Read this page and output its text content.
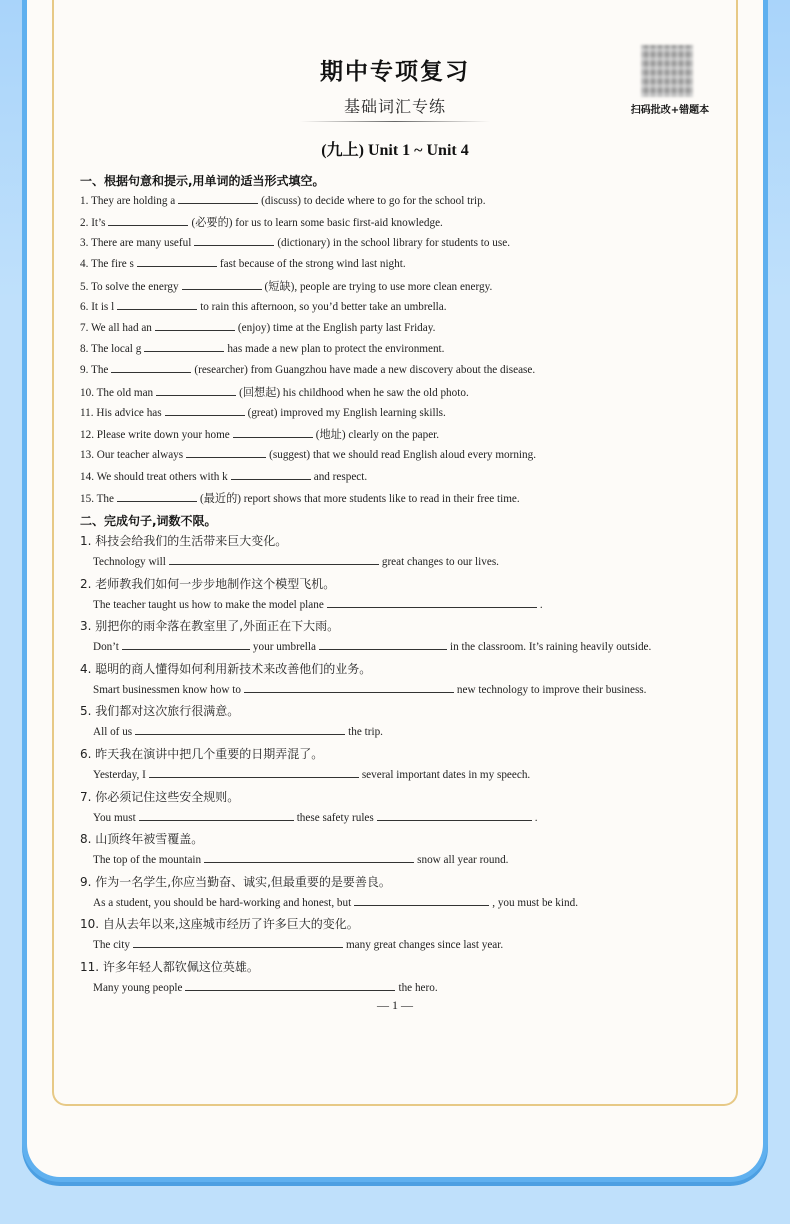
期中专项复习
基础词汇专练	扫码批改+错题本
(九上) Unit 1 ~ Unit 4
一、根据句意和提示,用单词的适当形式填空。
1. They are holding a	(discuss) to decide where to go for the school trip.
2. It’s	(必要的) for us to learn some basic first-aid knowledge.
3. There are many useful	(dictionary) in the school library for students to use.
4. The fire s	fast because of the strong wind last night.
5. To solve the energy	(短缺), people are trying to use more clean energy.
6. It is l	to rain this afternoon, so you’d better take an umbrella.
7. We all had an	(enjoy) time at the English party last Friday.
8. The local g	has made a new plan to protect the environment.
9. The	(researcher) from Guangzhou have made a new discovery about the disease.
10. The old man	(回想起) his childhood when he saw the old photo.
11. His advice has	(great) improved my English learning skills.
12. Please write down your home	(地址) clearly on the paper.
13. Our teacher always	(suggest) that we should read English aloud every morning.
14. We should treat others with k	and respect.
15. The	(最近的) report shows that more students like to read in their free time.
二、完成句子,词数不限。
1. 科技会给我们的生活带来巨大变化。
Technology will	great changes to our lives.
2. 老师教我们如何一步步地制作这个模型飞机。
The teacher taught us how to make the model plane	.
3. 别把你的雨伞落在教室里了,外面正在下大雨。
Don’t	your umbrella	in the classroom. It’s raining heavily outside.
4. 聪明的商人懂得如何利用新技术来改善他们的业务。
Smart businessmen know how to	new technology to improve their business.
5. 我们都对这次旅行很满意。
All of us	the trip.
6. 昨天我在演讲中把几个重要的日期弄混了。
Yesterday, I	several important dates in my speech.
7. 你必须记住这些安全规则。
You must	these safety rules	.
8. 山顶终年被雪覆盖。
The top of the mountain	snow all year round.
9. 作为一名学生,你应当勤奋、诚实,但最重要的是要善良。
As a student, you should be hard-working and honest, but	, you must be kind.
10. 自从去年以来,这座城市经历了许多巨大的变化。
The city	many great changes since last year.
11. 许多年轻人都钦佩这位英雄。
Many young people	the hero.
— 1 —
